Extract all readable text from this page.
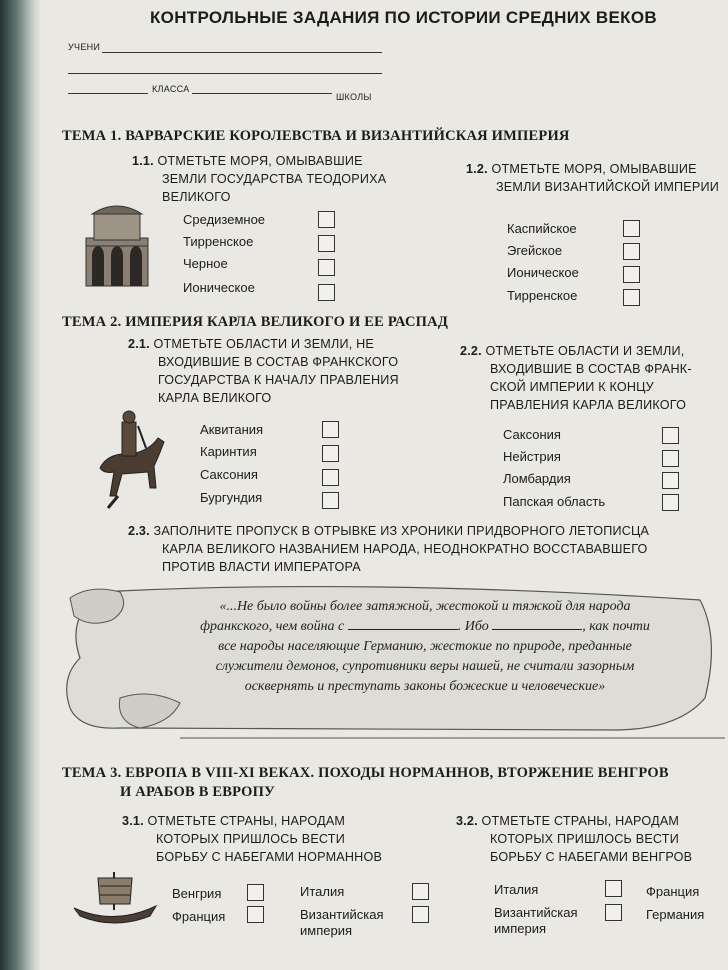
КОНТРОЛЬНЫЕ ЗАДАНИЯ ПО ИСТОРИИ СРЕДНИХ ВЕКОВ
УЧЕНИ
КЛАССА
ШКОЛЫ
ТЕМА 1. ВАРВАРСКИЕ КОРОЛЕВСТВА И ВИЗАНТИЙСКАЯ ИМПЕРИЯ
1.1. ОТМЕТЬТЕ МОРЯ, ОМЫВАВШИЕ
ЗЕМЛИ ГОСУДАРСТВА ТЕОДОРИХА
ВЕЛИКОГО
Средиземное
Тирренское
Черное
Ионическое
1.2. ОТМЕТЬТЕ МОРЯ, ОМЫВАВШИЕ
ЗЕМЛИ ВИЗАНТИЙСКОЙ ИМПЕРИИ
Каспийское
Эгейское
Ионическое
Тирренское
ТЕМА 2. ИМПЕРИЯ КАРЛА ВЕЛИКОГО И ЕЕ РАСПАД
2.1. ОТМЕТЬТЕ ОБЛАСТИ И ЗЕМЛИ, НЕ
ВХОДИВШИЕ В СОСТАВ ФРАНКСКОГО
ГОСУДАРСТВА К НАЧАЛУ ПРАВЛЕНИЯ
КАРЛА ВЕЛИКОГО
Аквитания
Каринтия
Саксония
Бургундия
2.2. ОТМЕТЬТЕ ОБЛАСТИ И ЗЕМЛИ,
ВХОДИВШИЕ В СОСТАВ ФРАНК-
СКОЙ ИМПЕРИИ К КОНЦУ
ПРАВЛЕНИЯ КАРЛА ВЕЛИКОГО
Саксония
Нейстрия
Ломбардия
Папская область
2.3. ЗАПОЛНИТЕ ПРОПУСК В ОТРЫВКЕ ИЗ ХРОНИКИ ПРИДВОРНОГО ЛЕТОПИСЦА
КАРЛА ВЕЛИКОГО НАЗВАНИЕМ НАРОДА, НЕОДНОКРАТНО ВОССТАВАВШЕГО
ПРОТИВ ВЛАСТИ ИМПЕРАТОРА
«...Не было войны более затяжной, жестокой и тяжкой для народа
франкского, чем война с	. Ибо	, как почти
все народы населяющие Германию, жестокие по природе, преданные
служители демонов, супротивники веры нашей, не считали зазорным
осквернять и преступать законы божеские и человеческие»
ТЕМА 3. ЕВРОПА В VIII-XI ВЕКАХ. ПОХОДЫ НОРМАННОВ, ВТОРЖЕНИЕ ВЕНГРОВ
И АРАБОВ В ЕВРОПУ
3.1. ОТМЕТЬТЕ СТРАНЫ, НАРОДАМ
КОТОРЫХ ПРИШЛОСЬ ВЕСТИ
БОРЬБУ С НАБЕГАМИ НОРМАННОВ
Венгрия
Франция
Италия
Византийская
империя
3.2. ОТМЕТЬТЕ СТРАНЫ, НАРОДАМ
КОТОРЫХ ПРИШЛОСЬ ВЕСТИ
БОРЬБУ С НАБЕГАМИ ВЕНГРОВ
Италия
Византийская
империя
Франция
Германия
